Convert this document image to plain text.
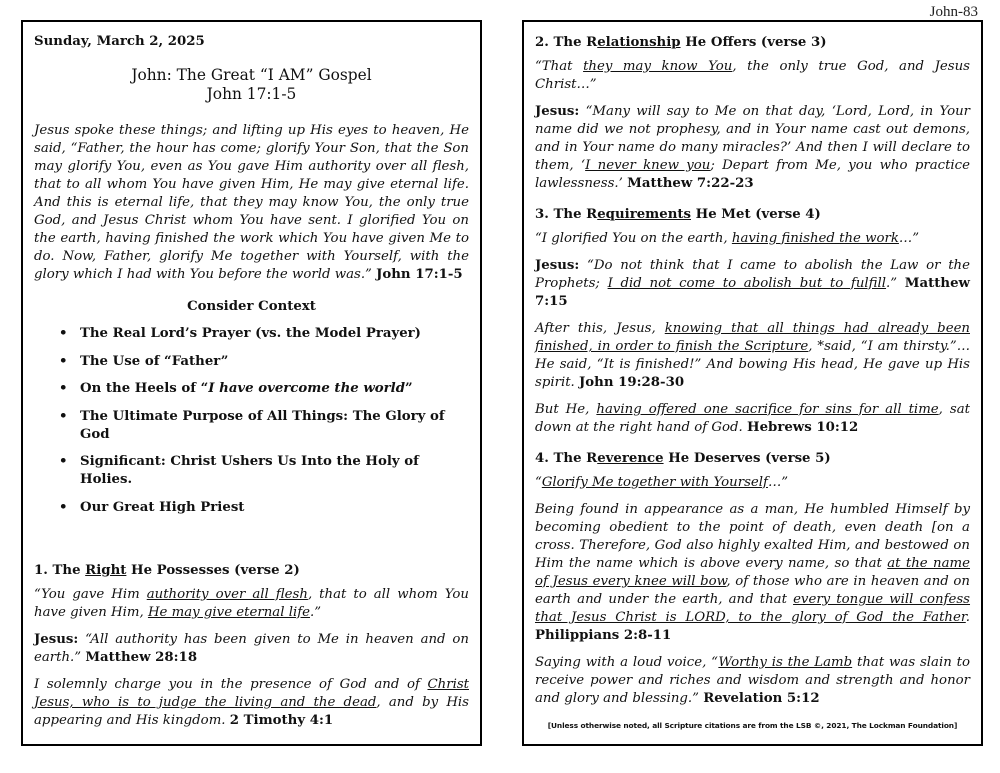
John-83
Sunday, March 2, 2025
John: The Great “I AM” Gospel
John 17:1-5

Jesus spoke these things; and lifting up His eyes to heaven, He said, “Father, the hour has come; glorify Your Son, that the Son may glorify You, even as You gave Him authority over all flesh, that to all whom You have given Him, He may give eternal life. And this is eternal life, that they may know You, the only true God, and Jesus Christ whom You have sent. I glorified You on the earth, having finished the work which You have given Me to do. Now, Father, glorify Me together with Yourself, with the glory which I had with You before the world was.” John 17:1-5

Consider Context
• The Real Lord’s Prayer (vs. the Model Prayer)
• The Use of “Father”
• On the Heels of “I have overcome the world”
• The Ultimate Purpose of All Things: The Glory of God
• Significant: Christ Ushers Us Into the Holy of Holies.
• Our Great High Priest
1. The Right He Possesses (verse 2)

“You gave Him authority over all flesh, that to all whom You have given Him, He may give eternal life.”

Jesus: “All authority has been given to Me in heaven and on earth.” Matthew 28:18

I solemnly charge you in the presence of God and of Christ Jesus, who is to judge the living and the dead, and by His appearing and His kingdom. 2 Timothy 4:1

2. The Relationship He Offers (verse 3)

“That they may know You, the only true God, and Jesus Christ…”

Jesus: “Many will say to Me on that day, ‘Lord, Lord, in Your name did we not prophesy, and in Your name cast out demons, and in Your name do many miracles?’ And then I will declare to them, ‘I never knew you; Depart from Me, you who practice lawlessness.’ Matthew 7:22-23

3. The Requirements He Met (verse 4)

“I glorified You on the earth, having finished the work…”

Jesus: “Do not think that I came to abolish the Law or the Prophets; I did not come to abolish but to fulfill.” Matthew 7:15

After this, Jesus, knowing that all things had already been finished, in order to finish the Scripture, *said, “I am thirsty.”…He said, “It is finished!” And bowing His head, He gave up His spirit. John 19:28-30

But He, having offered one sacrifice for sins for all time, sat down at the right hand of God. Hebrews 10:12

4. The Reverence He Deserves (verse 5)

“Glorify Me together with Yourself…”

Being found in appearance as a man, He humbled Himself by becoming obedient to the point of death, even death [on a cross. Therefore, God also highly exalted Him, and bestowed on Him the name which is above every name, so that at the name of Jesus every knee will bow, of those who are in heaven and on earth and under the earth, and that every tongue will confess that Jesus Christ is LORD, to the glory of God the Father. Philippians 2:8-11

Saying with a loud voice, “Worthy is the Lamb that was slain to receive power and riches and wisdom and strength and honor and glory and blessing.” Revelation 5:12

[Unless otherwise noted, all Scripture citations are from the LSB ©, 2021, The Lockman Foundation]
